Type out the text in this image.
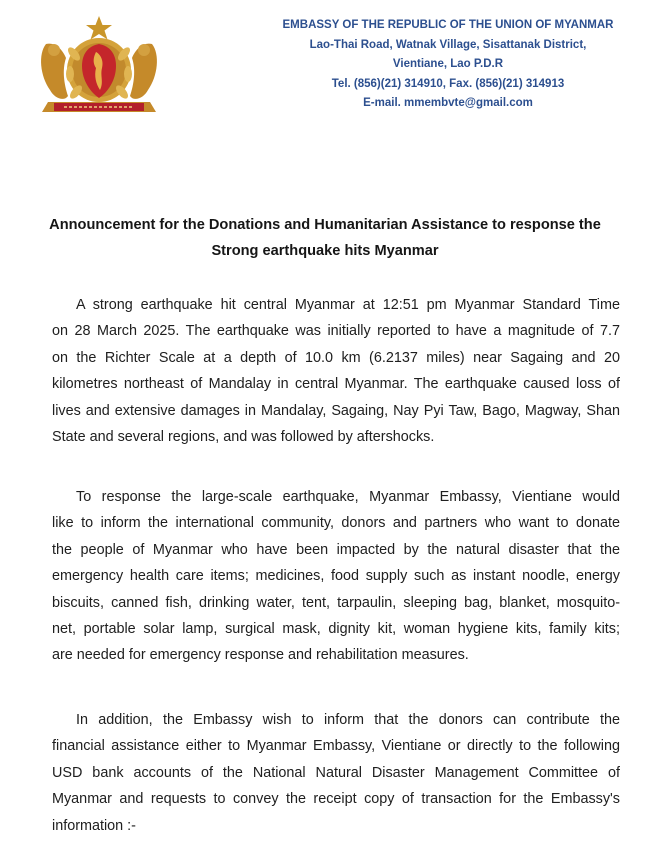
EMBASSY OF THE REPUBLIC OF THE UNION OF MYANMAR
Lao-Thai Road, Watnak Village, Sisattanak District,
Vientiane, Lao P.D.R
Tel. (856)(21) 314910, Fax. (856)(21) 314913
E-mail. mmembvte@gmail.com
Announcement for the Donations and Humanitarian Assistance to response the
Strong earthquake hits Myanmar
A strong earthquake hit central Myanmar at 12:51 pm Myanmar Standard Time
on 28 March 2025. The earthquake was initially reported to have a magnitude of 7.7
on the Richter Scale at a depth of 10.0 km (6.2137 miles) near Sagaing and 20
kilometres northeast of Mandalay in central Myanmar. The earthquake caused loss of
lives and extensive damages in Mandalay, Sagaing, Nay Pyi Taw, Bago, Magway, Shan
State and several regions, and was followed by aftershocks.
To response the large-scale earthquake, Myanmar Embassy, Vientiane would
like to inform the international community, donors and partners who want to donate
the people of Myanmar who have been impacted by the natural disaster that the
emergency health care items; medicines, food supply such as instant noodle, energy
biscuits, canned fish, drinking water, tent, tarpaulin, sleeping bag, blanket, mosquito-
net, portable solar lamp, surgical mask, dignity kit, woman hygiene kits, family kits;
are needed for emergency response and rehabilitation measures.
In addition, the Embassy wish to inform that the donors can contribute the
financial assistance either to Myanmar Embassy, Vientiane or directly to the following
USD bank accounts of the National Natural Disaster Management Committee of
Myanmar and requests to convey the receipt copy of transaction for the Embassy's
information :-
